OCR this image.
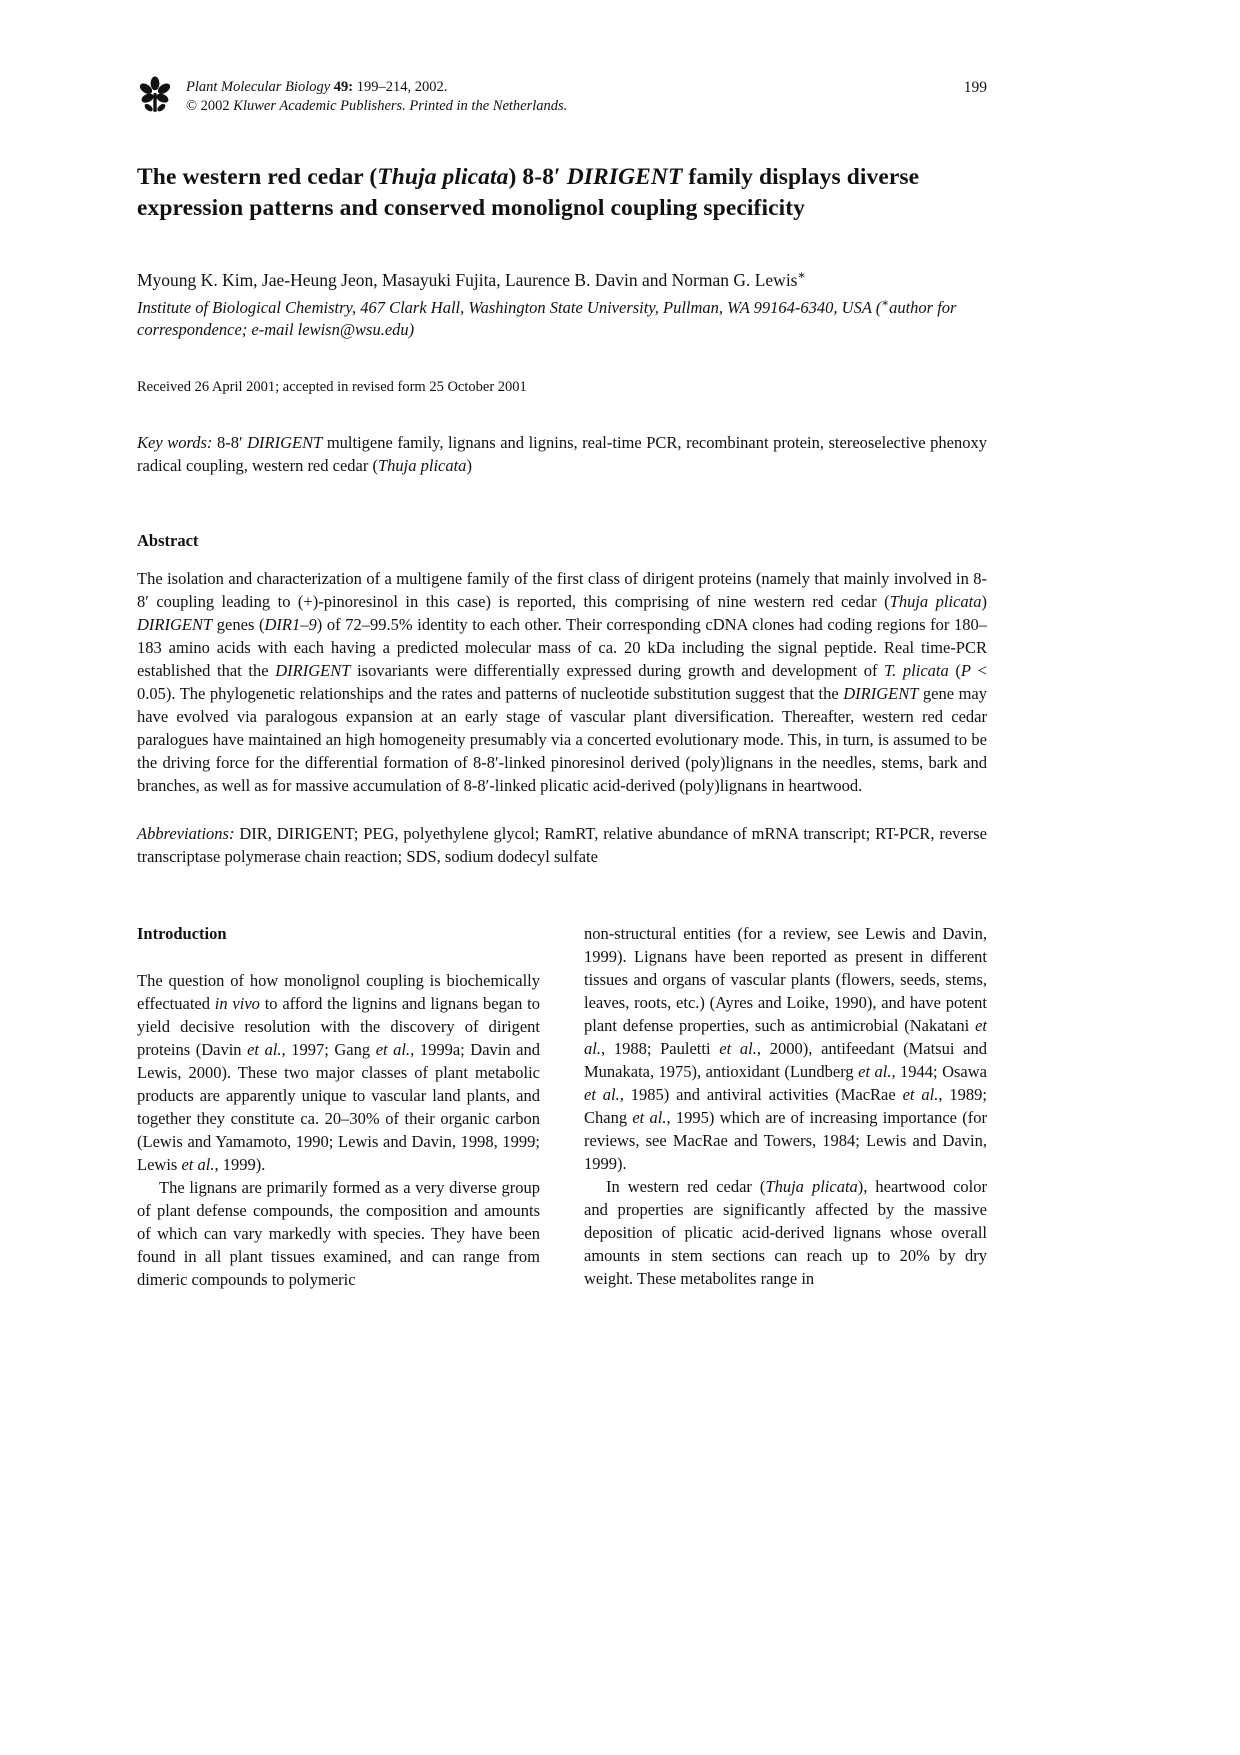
Plant Molecular Biology 49: 199–214, 2002.
© 2002 Kluwer Academic Publishers. Printed in the Netherlands.
199
The western red cedar (Thuja plicata) 8-8′ DIRIGENT family displays diverse expression patterns and conserved monolignol coupling specificity
Myoung K. Kim, Jae-Heung Jeon, Masayuki Fujita, Laurence B. Davin and Norman G. Lewis∗
Institute of Biological Chemistry, 467 Clark Hall, Washington State University, Pullman, WA 99164-6340, USA (∗author for correspondence; e-mail lewisn@wsu.edu)
Received 26 April 2001; accepted in revised form 25 October 2001

Key words: 8-8′ DIRIGENT multigene family, lignans and lignins, real-time PCR, recombinant protein, stereoselective phenoxy radical coupling, western red cedar (Thuja plicata)

Abstract

The isolation and characterization of a multigene family of the first class of dirigent proteins (namely that mainly involved in 8-8′ coupling leading to (+)-pinoresinol in this case) is reported, this comprising of nine western red cedar (Thuja plicata) DIRIGENT genes (DIR1–9) of 72–99.5% identity to each other. Their corresponding cDNA clones had coding regions for 180–183 amino acids with each having a predicted molecular mass of ca. 20 kDa including the signal peptide. Real time-PCR established that the DIRIGENT isovariants were differentially expressed during growth and development of T. plicata (P < 0.05). The phylogenetic relationships and the rates and patterns of nucleotide substitution suggest that the DIRIGENT gene may have evolved via paralogous expansion at an early stage of vascular plant diversification. Thereafter, western red cedar paralogues have maintained an high homogeneity presumably via a concerted evolutionary mode. This, in turn, is assumed to be the driving force for the differential formation of 8-8′-linked pinoresinol derived (poly)lignans in the needles, stems, bark and branches, as well as for massive accumulation of 8-8′-linked plicatic acid-derived (poly)lignans in heartwood.

Abbreviations: DIR, DIRIGENT; PEG, polyethylene glycol; RamRT, relative abundance of mRNA transcript; RT-PCR, reverse transcriptase polymerase chain reaction; SDS, sodium dodecyl sulfate

Introduction

The question of how monolignol coupling is biochemically effectuated in vivo to afford the lignins and lignans began to yield decisive resolution with the discovery of dirigent proteins (Davin et al., 1997; Gang et al., 1999a; Davin and Lewis, 2000). These two major classes of plant metabolic products are apparently unique to vascular land plants, and together they constitute ca. 20–30% of their organic carbon (Lewis and Yamamoto, 1990; Lewis and Davin, 1998, 1999; Lewis et al., 1999).

The lignans are primarily formed as a very diverse group of plant defense compounds, the composition and amounts of which can vary markedly with species. They have been found in all plant tissues examined, and can range from dimeric compounds to polymeric

non-structural entities (for a review, see Lewis and Davin, 1999). Lignans have been reported as present in different tissues and organs of vascular plants (flowers, seeds, stems, leaves, roots, etc.) (Ayres and Loike, 1990), and have potent plant defense properties, such as antimicrobial (Nakatani et al., 1988; Pauletti et al., 2000), antifeedant (Matsui and Munakata, 1975), antioxidant (Lundberg et al., 1944; Osawa et al., 1985) and antiviral activities (MacRae et al., 1989; Chang et al., 1995) which are of increasing importance (for reviews, see MacRae and Towers, 1984; Lewis and Davin, 1999).

In western red cedar (Thuja plicata), heartwood color and properties are significantly affected by the massive deposition of plicatic acid-derived lignans whose overall amounts in stem sections can reach up to 20% by dry weight. These metabolites range in
